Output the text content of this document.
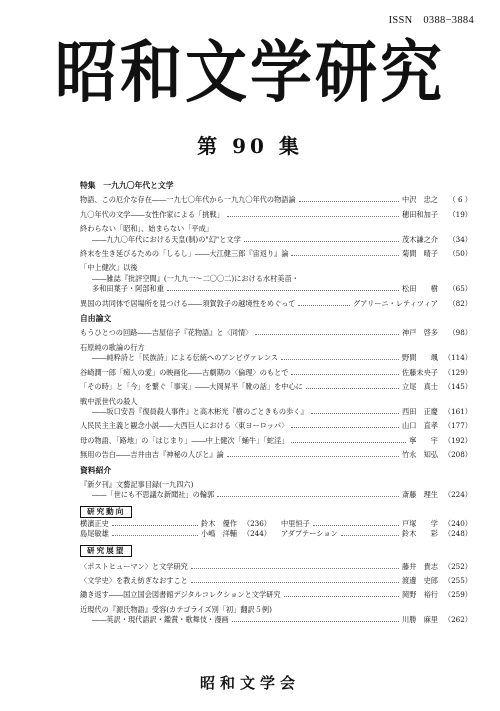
ISSN　0388−3884
昭和文学研究
第 90 集
特集　一九九〇年代と文学
物語、この厄介な存在――一九七〇年代から一九九〇年代の物語論	中沢　忠之	（ 6 ）
九〇年代の文学――女性作家による「挑戦」	穂田和加子	（19）
終わらない「昭和」、始まらない「平成」
――九九〇年代における天皇(制)の"幻"と文学	茂木謙之介	（34）
終末を生き延びるための「しるし」――大江健三郎『宙返り』論	菊間　晴子	（50）
「中上健次」以後
――雑誌『批評空間』(一九九一～二〇〇二)における水村美苗・
多和田葉子・阿部和重	松田　　樹	（65）
異国の共同体で居場所を見つける――須賀敦子の越境性をめぐって	グアリーニ・レティツィア	（82）
自由論文
もうひとつの回路――吉屋信子『花物語』と〈同情〉	神戸　啓多	（98）
石原純の歌論の行方
――純粋詩と「民族詩」による伝統へのアンビヴァレンス	野間　　颯 （114）
谷崎潤一郎「痴人の愛」の映画化――古劇期の〈倫理〉のもとで	佐藤未央子 （129）
「その時」と「今」を繋ぐ「事実」――大岡昇平「靴の話」を中心に	立尾　真士 （145）
戦中派世代の殺人
――坂口安吾『復員殺人事件』と高木彬光『樹のごときもの歩く』	西田　正慶 （161）
人民民主主義と観念小説――大西巨人における〈東ヨーロッパ〉	山口　直孝 （177）
母の物語、「路地」の「はじまり」――中上健次「蛹牛」「蛇淫」	寧　　宇 （192）
無用の告白――吉井由吉『神秘の人びと』論	竹永　知弘 （208）
資料紹介
『新夕刊』文藝記事目録(一九四六)
――「世にも不思議な新聞社」の輪郭	斎藤　理生 （224）
研究動向
横濱正史	鈴木　優作 （236） 中里恒子	戸塚　　学 （240）
島尾敏雄	小嶋　洋輔 （244） アダプテーション	鈴木　　彩 （248）
研究展望
〈ポストヒューマン〉と文学研究	藤井　貴志 （252）
〈文学史〉を教え紡ぎなおすこと	渡邊　史郎 （255）
鋤き返す――国立国会図書館デジタルコレクションと文学研究	岡野　裕行 （259）
近現代の『源氏物語』受容(カテゴライズ別「初」翻訳５例)
――英訳・現代語訳・鑑賞・歌舞伎・漫画	川勝　麻里 （262）
昭和文学会
